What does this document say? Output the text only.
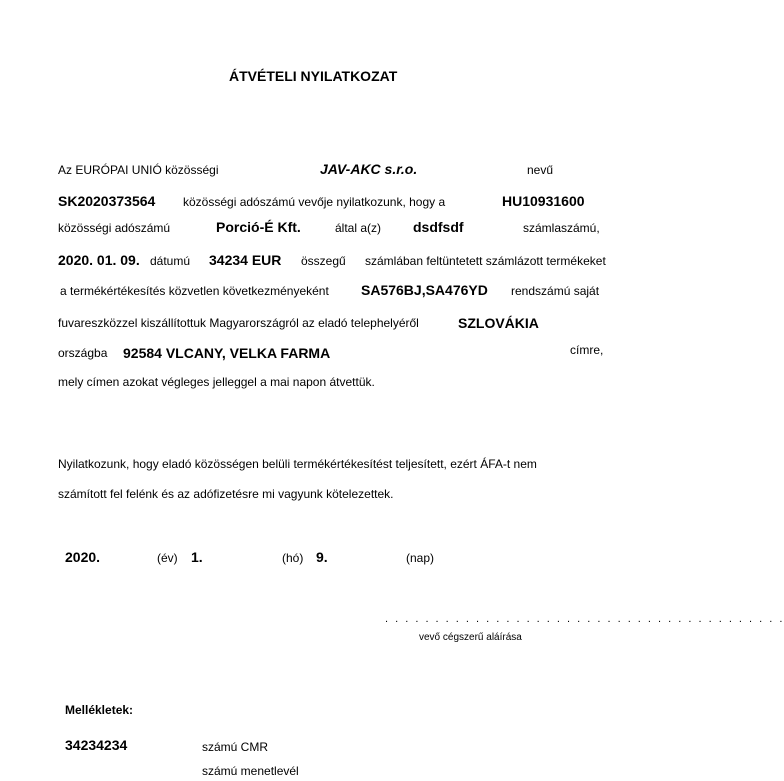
ÁTVÉTELI NYILATKOZAT
Az EURÓPAI UNIÓ közösségi	JAV-AKC s.r.o.	nevű
SK2020373564 közösségi adószámú vevője nyilatkozunk, hogy a	HU10931600
közösségi adószámú	Porció-É Kft.	által a(z) dsdfsdf	számlaszámú,
2020. 01. 09. dátumú 34234 EUR összegű számlában feltüntetett számlázott termékeket
a termékértékesítés közvetlen következményeként SA576BJ,SA476YD rendszámú saját
fuvareszközzel kiszállítottuk Magyarországról az eladó telephelyéről	SZLOVÁKIA
országba 92584 VLCANY, VELKA FARMA	címre,
mely címen azokat végleges jelleggel a mai napon átvettük.
Nyilatkozunk, hogy eladó közösségen belüli termékértékesítést teljesített, ezért ÁFA-t nem
számított fel felénk és az adófizetésre mi vagyunk kötelezettek.
2020.	(év) 1.	(hó) 9.	(nap)
. . . . . . . . . . . . . . . . . . . . . . . . . . . . . . . . . . . . . . . .
vevő cégszerű aláírása
Mellékletek:
34234234	számú CMR
számú menetlevél
